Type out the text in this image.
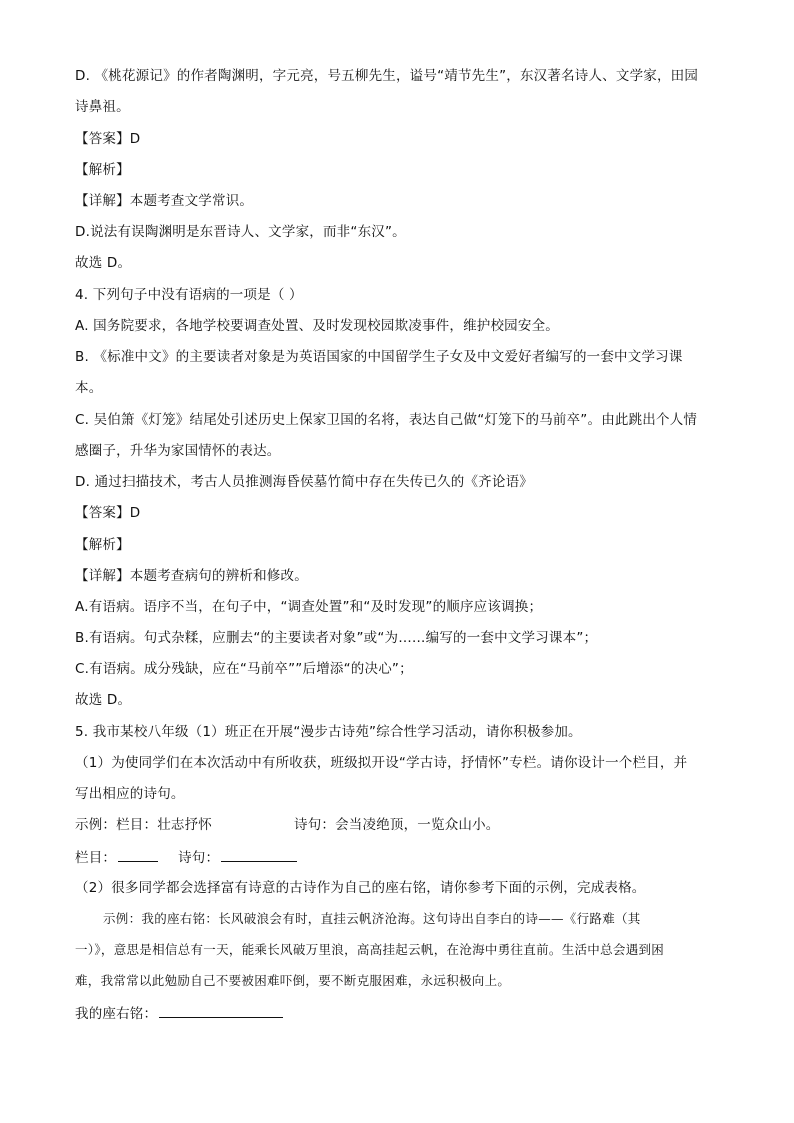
D. 《桃花源记》的作者陶渊明，字元亮，号五柳先生，谥号“靖节先生”，东汉著名诗人、文学家，田园
诗鼻祖。
【答案】D
【解析】
【详解】本题考查文学常识。
D.说法有误陶渊明是东晋诗人、文学家，而非“东汉”。
故选 D。
4. 下列句子中没有语病的一项是（ ）
A. 国务院要求，各地学校要调查处置、及时发现校园欺凌事件，维护校园安全。
B. 《标准中文》的主要读者对象是为英语国家的中国留学生子女及中文爱好者编写的一套中文学习课
本。
C. 吴伯箫《灯笼》结尾处引述历史上保家卫国的名将，表达自己做“灯笼下的马前卒”。由此跳出个人情
感圈子，升华为家国情怀的表达。
D. 通过扫描技术，考古人员推测海昏侯墓竹简中存在失传已久的《齐论语》
【答案】D
【解析】
【详解】本题考查病句的辨析和修改。
A.有语病。语序不当，在句子中，“调查处置”和“及时发现”的顺序应该调换；
B.有语病。句式杂糅，应删去“的主要读者对象”或“为……编写的一套中文学习课本”；
C.有语病。成分残缺，应在“马前卒””后增添“的决心”；
故选 D。
5. 我市某校八年级（1）班正在开展“漫步古诗苑”综合性学习活动，请你积极参加。
（1）为使同学们在本次活动中有所收获，班级拟开设“学古诗，抒情怀”专栏。请你设计一个栏目，并
写出相应的诗句。
示例：栏目：壮志抒怀	诗句：会当凌绝顶，一览众山小。
栏目：	诗句：
（2）很多同学都会选择富有诗意的古诗作为自己的座右铭，请你参考下面的示例，完成表格。
示例：我的座右铭：长风破浪会有时，直挂云帆济沧海。这句诗出自李白的诗——《行路难（其
一）》，意思是相信总有一天，能乘长风破万里浪，高高挂起云帆，在沧海中勇往直前。生活中总会遇到困
难，我常常以此勉励自己不要被困难吓倒，要不断克服困难，永远积极向上。
我的座右铭：
